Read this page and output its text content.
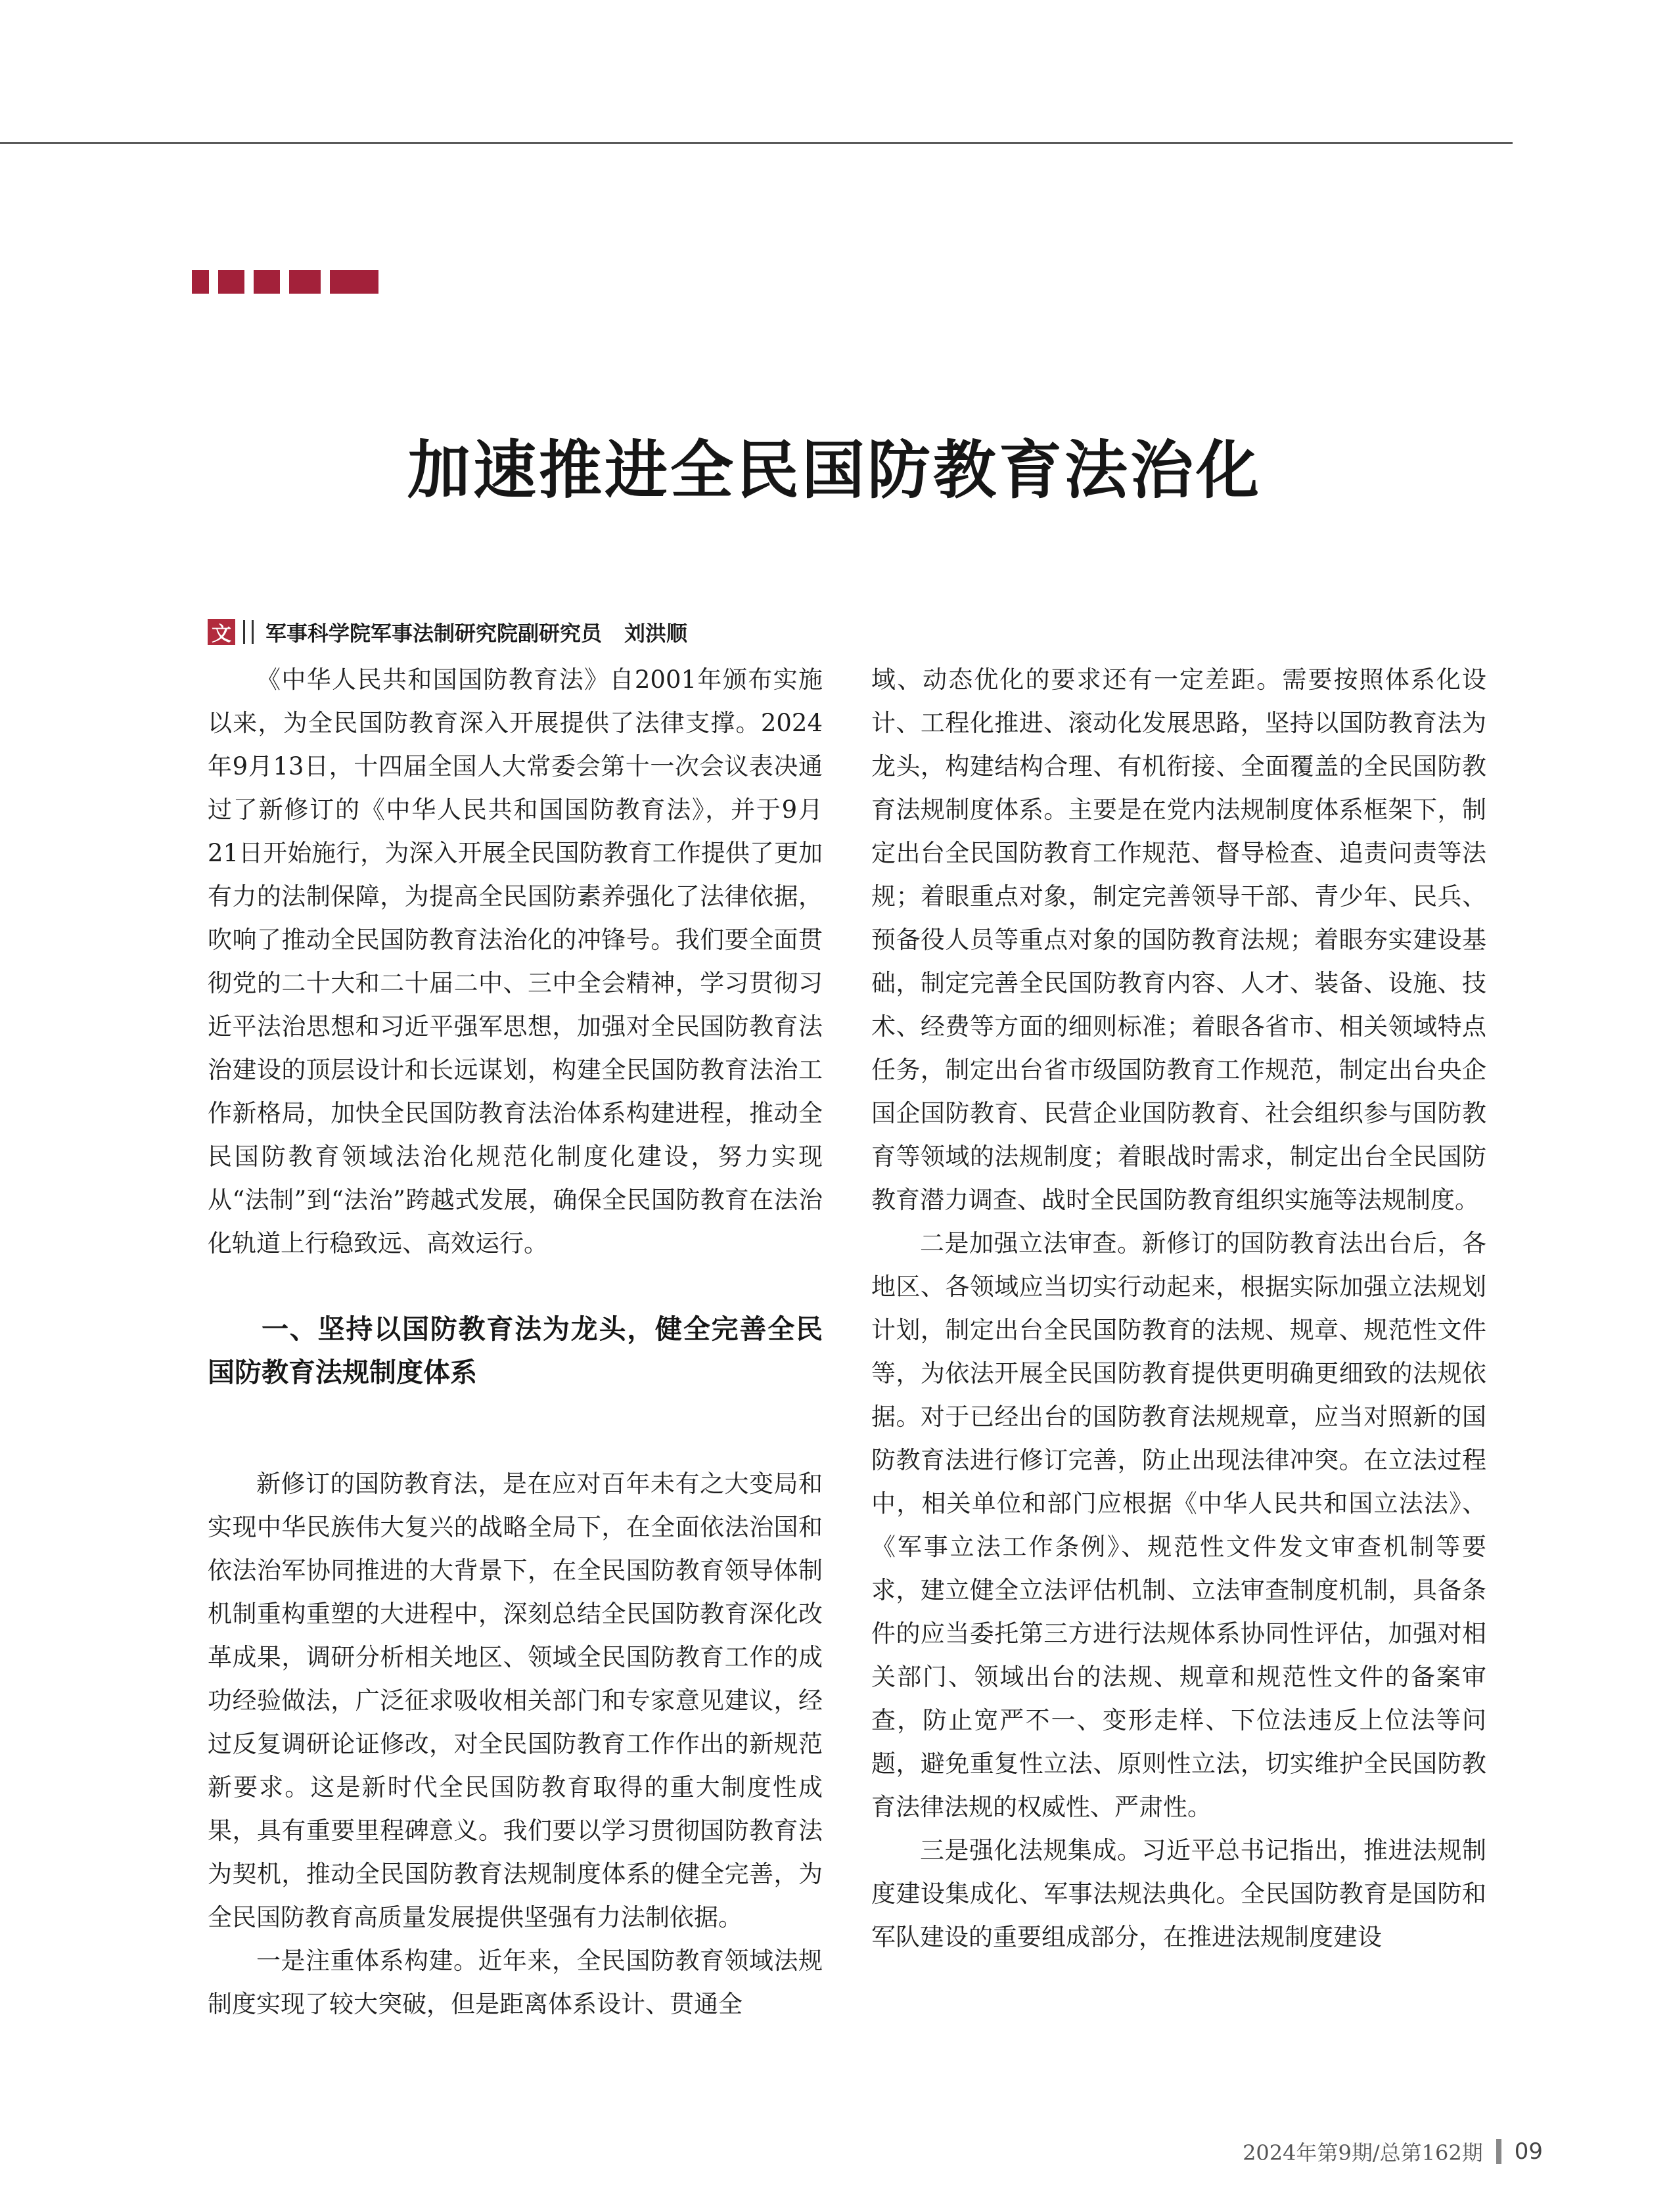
加速推进全民国防教育法治化
文 军事科学院军事法制研究院副研究员 刘洪顺

《中华人民共和国国防教育法》自2001年颁布实施以来，为全民国防教育深入开展提供了法律支撑。2024年9月13日，十四届全国人大常委会第十一次会议表决通过了新修订的《中华人民共和国国防教育法》，并于9月21日开始施行，为深入开展全民国防教育工作提供了更加有力的法制保障，为提高全民国防素养强化了法律依据，吹响了推动全民国防教育法治化的冲锋号。我们要全面贯彻党的二十大和二十届二中、三中全会精神，学习贯彻习近平法治思想和习近平强军思想，加强对全民国防教育法治建设的顶层设计和长远谋划，构建全民国防教育法治工作新格局，加快全民国防教育法治体系构建进程，推动全民国防教育领域法治化规范化制度化建设，努力实现从“法制”到“法治”跨越式发展，确保全民国防教育在法治化轨道上行稳致远、高效运行。

一、坚持以国防教育法为龙头，健全完善全民国防教育法规制度体系

新修订的国防教育法，是在应对百年未有之大变局和实现中华民族伟大复兴的战略全局下，在全面依法治国和依法治军协同推进的大背景下，在全民国防教育领导体制机制重构重塑的大进程中，深刻总结全民国防教育深化改革成果，调研分析相关地区、领域全民国防教育工作的成功经验做法，广泛征求吸收相关部门和专家意见建议，经过反复调研论证修改，对全民国防教育工作作出的新规范新要求。这是新时代全民国防教育取得的重大制度性成果，具有重要里程碑意义。我们要以学习贯彻国防教育法为契机，推动全民国防教育法规制度体系的健全完善，为全民国防教育高质量发展提供坚强有力法制依据。

一是注重体系构建。近年来，全民国防教育领域法规制度实现了较大突破，但是距离体系设计、贯通全

域、动态优化的要求还有一定差距。需要按照体系化设计、工程化推进、滚动化发展思路，坚持以国防教育法为龙头，构建结构合理、有机衔接、全面覆盖的全民国防教育法规制度体系。主要是在党内法规制度体系框架下，制定出台全民国防教育工作规范、督导检查、追责问责等法规；着眼重点对象，制定完善领导干部、青少年、民兵、预备役人员等重点对象的国防教育法规；着眼夯实建设基础，制定完善全民国防教育内容、人才、装备、设施、技术、经费等方面的细则标准；着眼各省市、相关领域特点任务，制定出台省市级国防教育工作规范，制定出台央企国企国防教育、民营企业国防教育、社会组织参与国防教育等领域的法规制度；着眼战时需求，制定出台全民国防教育潜力调查、战时全民国防教育组织实施等法规制度。

二是加强立法审查。新修订的国防教育法出台后，各地区、各领域应当切实行动起来，根据实际加强立法规划计划，制定出台全民国防教育的法规、规章、规范性文件等，为依法开展全民国防教育提供更明确更细致的法规依据。对于已经出台的国防教育法规规章，应当对照新的国防教育法进行修订完善，防止出现法律冲突。在立法过程中，相关单位和部门应根据《中华人民共和国立法法》、《军事立法工作条例》、规范性文件发文审查机制等要求，建立健全立法评估机制、立法审查制度机制，具备条件的应当委托第三方进行法规体系协同性评估，加强对相关部门、领域出台的法规、规章和规范性文件的备案审查，防止宽严不一、变形走样、下位法违反上位法等问题，避免重复性立法、原则性立法，切实维护全民国防教育法律法规的权威性、严肃性。

三是强化法规集成。习近平总书记指出，推进法规制度建设集成化、军事法规法典化。全民国防教育是国防和军队建设的重要组成部分，在推进法规制度建设

2024年第9期/总第162期 09
